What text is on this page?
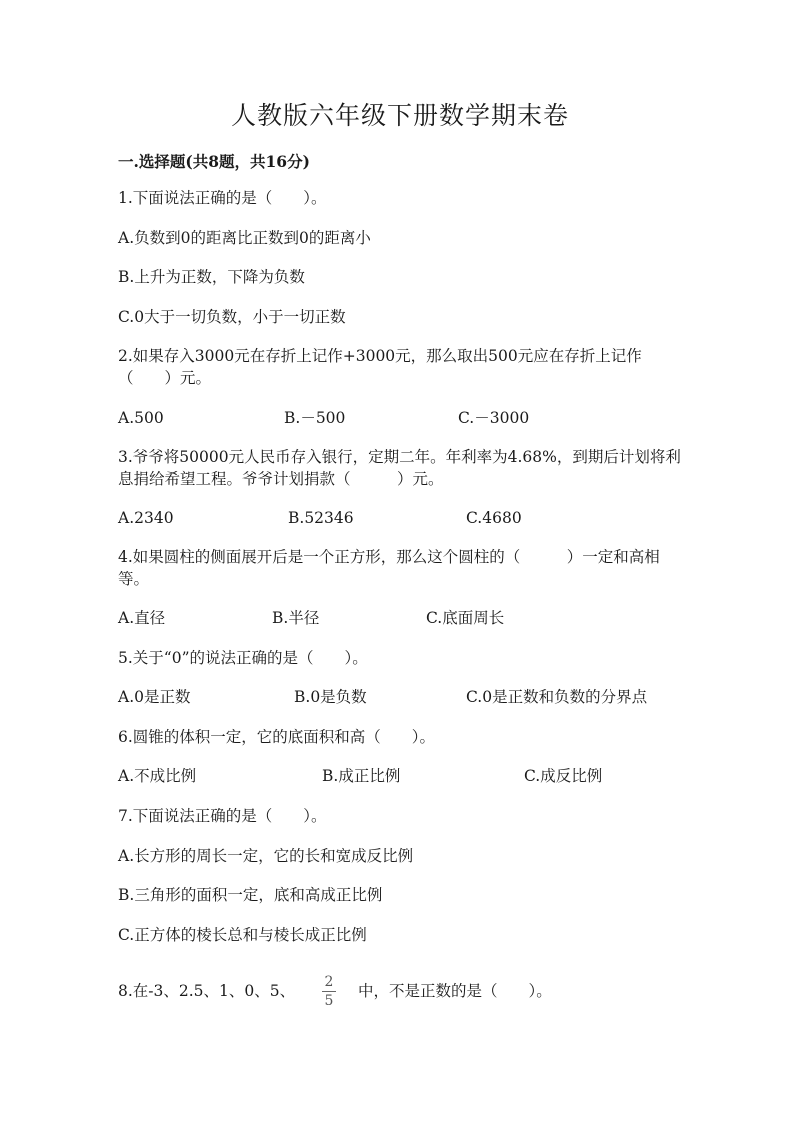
人教版六年级下册数学期末卷
一.选择题(共8题，共16分)
1.下面说法正确的是（　　）。
A.负数到0的距离比正数到0的距离小
B.上升为正数，下降为负数
C.0大于一切负数，小于一切正数
2.如果存入3000元在存折上记作+3000元，那么取出500元应在存折上记作（　　）元。
A.500	B.－500	C.－3000
3.爷爷将50000元人民币存入银行，定期二年。年利率为4.68%，到期后计划将利息捐给希望工程。爷爷计划捐款（　　　）元。
A.2340	B.52346	C.4680
4.如果圆柱的侧面展开后是一个正方形，那么这个圆柱的（　　　）一定和高相等。
A.直径	B.半径	C.底面周长
5.关于“0”的说法正确的是（　　）。
A.0是正数	B.0是负数	C.0是正数和负数的分界点
6.圆锥的体积一定，它的底面积和高（　　）。
A.不成比例	B.成正比例	C.成反比例
7.下面说法正确的是（　　）。
A.长方形的周长一定，它的长和宽成反比例
B.三角形的面积一定，底和高成正比例
C.正方体的棱长总和与棱长成正比例
8.在-3、2.5、1、0、5、	2
5
中，不是正数的是（　　）。
